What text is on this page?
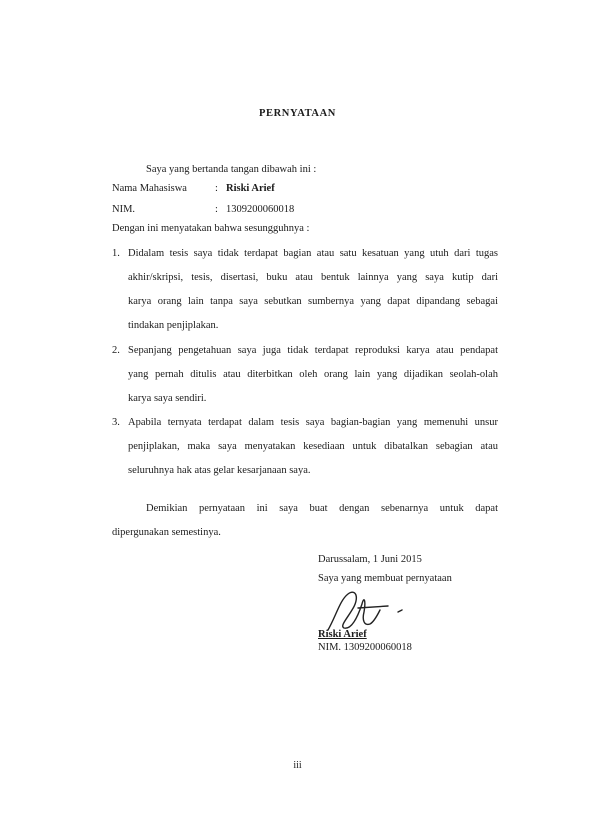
PERNYATAAN
Saya yang bertanda tangan dibawah ini :
Nama Mahasiswa	: Riski Arief
NIM.	: 1309200060018
Dengan ini menyatakan bahwa sesungguhnya :
1. Didalam tesis saya tidak terdapat bagian atau satu kesatuan yang utuh dari tugas
akhir/skripsi, tesis, disertasi, buku atau bentuk lainnya yang saya kutip dari
karya orang lain tanpa saya sebutkan sumbernya yang dapat dipandang sebagai
tindakan penjiplakan.
2. Sepanjang pengetahuan saya juga tidak terdapat reproduksi karya atau pendapat
yang pernah ditulis atau diterbitkan oleh orang lain yang dijadikan seolah-olah
karya saya sendiri.
3. Apabila ternyata terdapat dalam tesis saya bagian-bagian yang memenuhi unsur
penjiplakan, maka saya menyatakan kesediaan untuk dibatalkan sebagian atau
seluruhnya hak atas gelar kesarjanaan saya.
Demikian pernyataan ini saya buat dengan sebenarnya untuk dapat
dipergunakan semestinya.
Darussalam, 1 Juni 2015
Saya yang membuat pernyataan
Riski Arief
NIM. 1309200060018
iii
